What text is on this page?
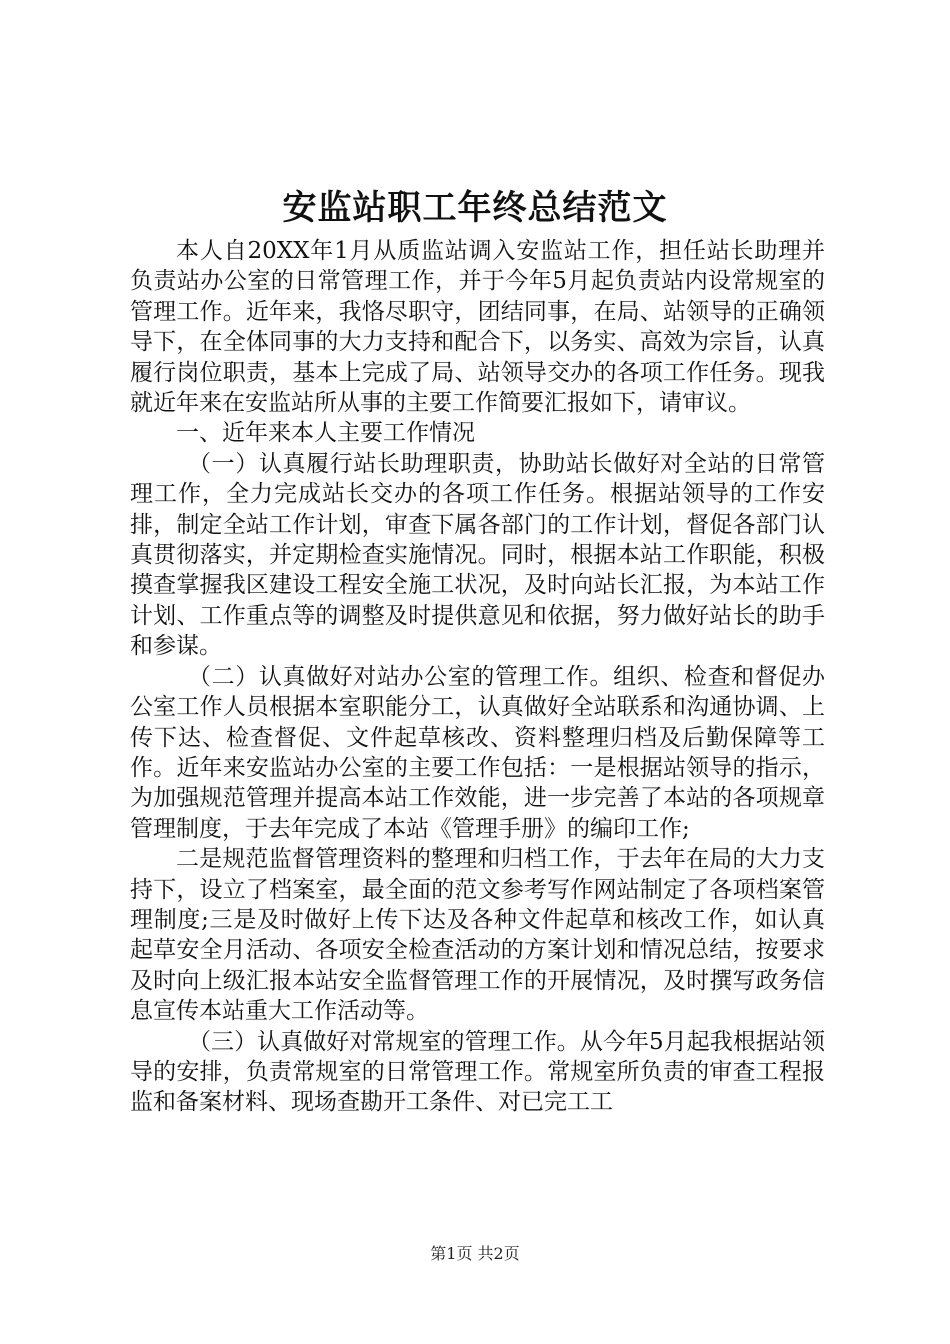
安监站职工年终总结范文

本人自20XX年1月从质监站调入安监站工作，担任站长助理并负责站办公室的日常管理工作，并于今年5月起负责站内设常规室的管理工作。近年来，我恪尽职守，团结同事，在局、站领导的正确领导下，在全体同事的大力支持和配合下，以务实、高效为宗旨，认真履行岗位职责，基本上完成了局、站领导交办的各项工作任务。现我就近年来在安监站所从事的主要工作简要汇报如下，请审议。

一、近年来本人主要工作情况

（一）认真履行站长助理职责，协助站长做好对全站的日常管理工作，全力完成站长交办的各项工作任务。根据站领导的工作安排，制定全站工作计划，审查下属各部门的工作计划，督促各部门认真贯彻落实，并定期检查实施情况。同时，根据本站工作职能，积极摸查掌握我区建设工程安全施工状况，及时向站长汇报，为本站工作计划、工作重点等的调整及时提供意见和依据，努力做好站长的助手和参谋。

（二）认真做好对站办公室的管理工作。组织、检查和督促办公室工作人员根据本室职能分工，认真做好全站联系和沟通协调、上传下达、检查督促、文件起草核改、资料整理归档及后勤保障等工作。近年来安监站办公室的主要工作包括：一是根据站领导的指示，为加强规范管理并提高本站工作效能，进一步完善了本站的各项规章管理制度，于去年完成了本站《管理手册》的编印工作;

二是规范监督管理资料的整理和归档工作，于去年在局的大力支持下，设立了档案室，最全面的范文参考写作网站制定了各项档案管理制度;三是及时做好上传下达及各种文件起草和核改工作，如认真起草安全月活动、各项安全检查活动的方案计划和情况总结，按要求及时向上级汇报本站安全监督管理工作的开展情况，及时撰写政务信息宣传本站重大工作活动等。

（三）认真做好对常规室的管理工作。从今年5月起我根据站领导的安排，负责常规室的日常管理工作。常规室所负责的审查工程报监和备案材料、现场查勘开工条件、对已完工工

第1页 共2页
